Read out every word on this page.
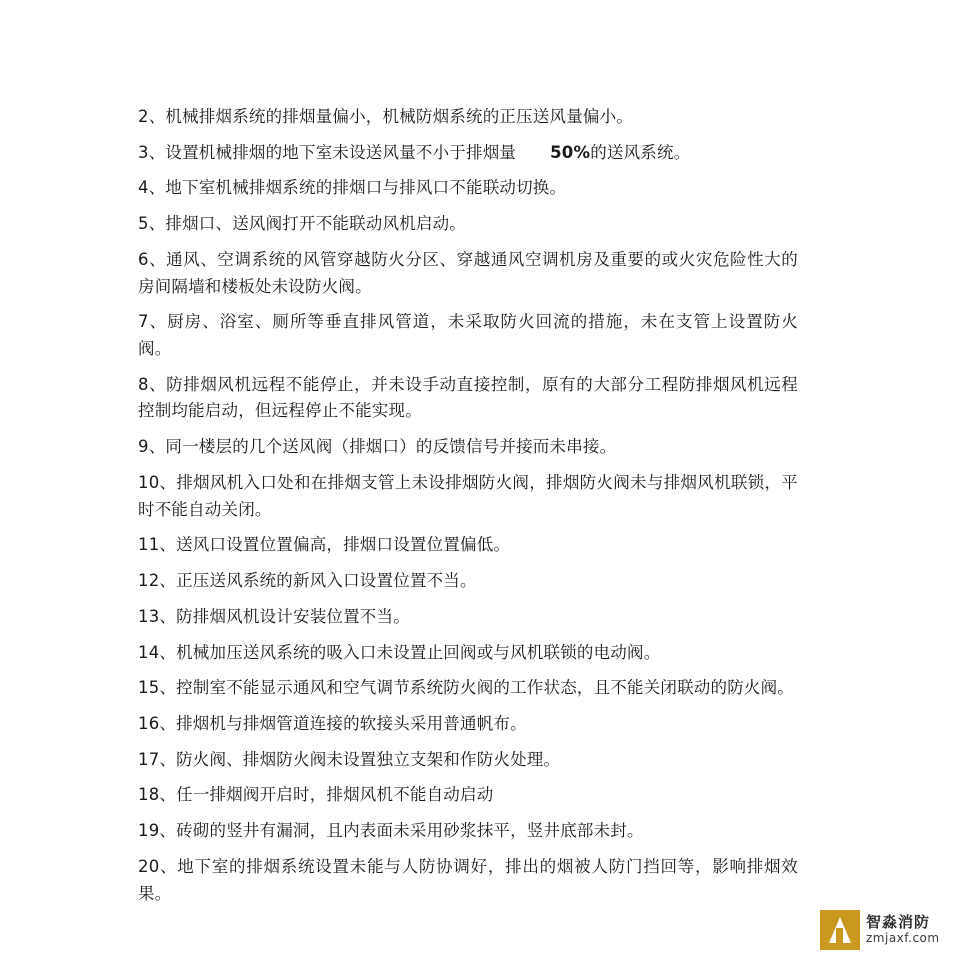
2、机械排烟系统的排烟量偏小，机械防烟系统的正压送风量偏小。

3、设置机械排烟的地下室未设送风量不小于排烟量 50%的送风系统。

4、地下室机械排烟系统的排烟口与排风口不能联动切换。

5、排烟口、送风阀打开不能联动风机启动。

6、通风、空调系统的风管穿越防火分区、穿越通风空调机房及重要的或火灾危险性大的房间隔墙和楼板处未设防火阀。

7、厨房、浴室、厕所等垂直排风管道，未采取防火回流的措施，未在支管上设置防火阀。

8、防排烟风机远程不能停止，并未设手动直接控制，原有的大部分工程防排烟风机远程控制均能启动，但远程停止不能实现。

9、同一楼层的几个送风阀（排烟口）的反馈信号并接而未串接。

10、排烟风机入口处和在排烟支管上未设排烟防火阀，排烟防火阀未与排烟风机联锁，平时不能自动关闭。

11、送风口设置位置偏高，排烟口设置位置偏低。

12、正压送风系统的新风入口设置位置不当。

13、防排烟风机设计安装位置不当。

14、机械加压送风系统的吸入口未设置止回阀或与风机联锁的电动阀。

15、控制室不能显示通风和空气调节系统防火阀的工作状态，且不能关闭联动的防火阀。

16、排烟机与排烟管道连接的软接头采用普通帆布。

17、防火阀、排烟防火阀未设置独立支架和作防火处理。

18、任一排烟阀开启时，排烟风机不能自动启动

19、砖砌的竖井有漏洞，且内表面未采用砂浆抹平，竖井底部未封。

20、地下室的排烟系统设置未能与人防协调好，排出的烟被人防门挡回等，影响排烟效果。

智淼消防
zmjaxf.com
